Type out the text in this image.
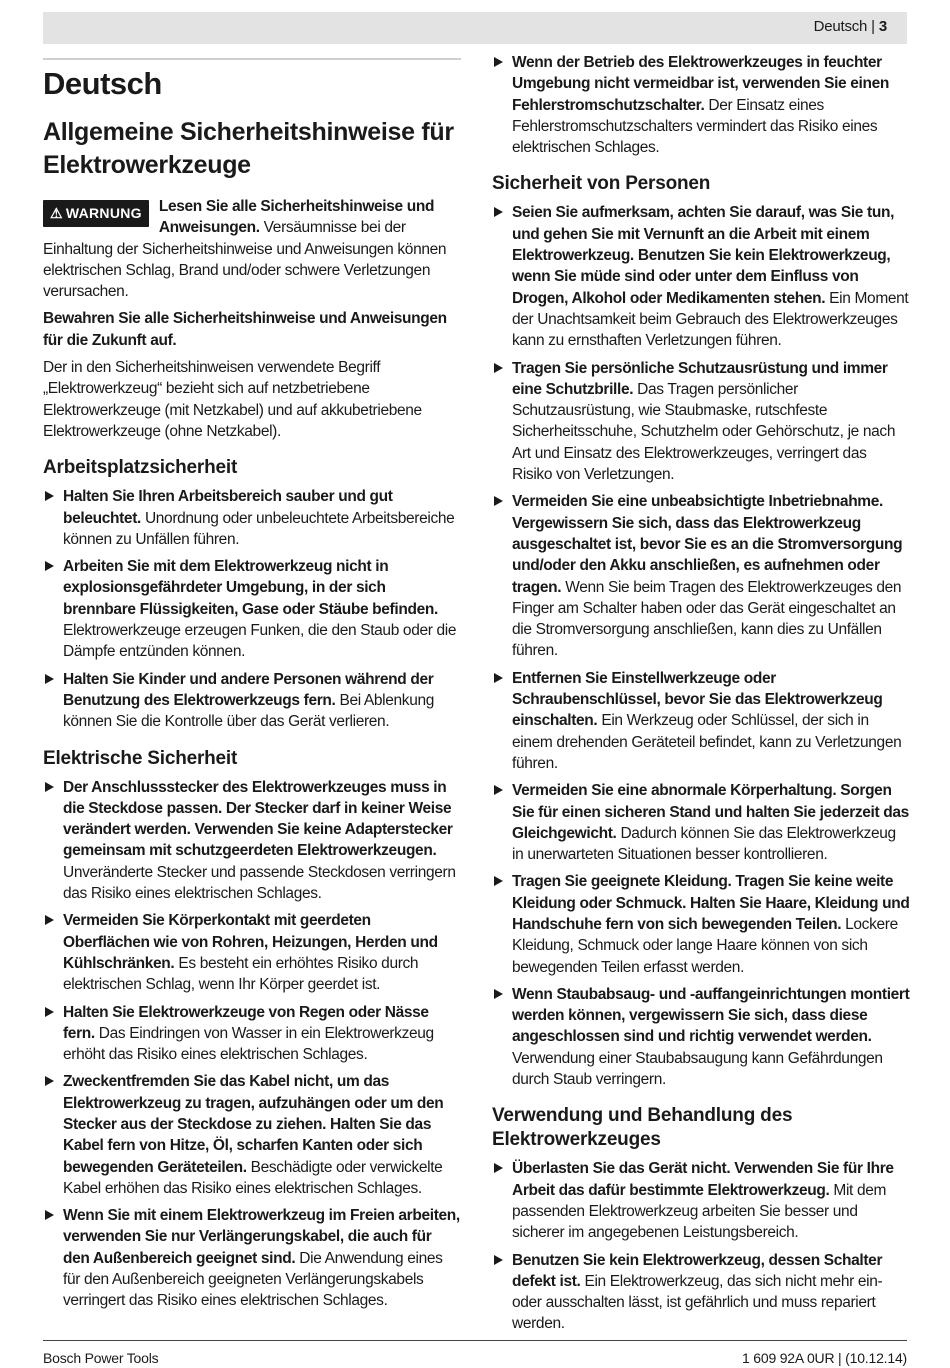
Deutsch | 3
Deutsch
Allgemeine Sicherheitshinweise für Elektrowerkzeuge
⚠ WARNUNG	Lesen Sie alle Sicherheitshinweise und Anweisungen. Versäumnisse bei der Einhaltung der Sicherheitshinweise und Anweisungen können elektrischen Schlag, Brand und/oder schwere Verletzungen verursachen.

Bewahren Sie alle Sicherheitshinweise und Anweisungen für die Zukunft auf.

Der in den Sicherheitshinweisen verwendete Begriff „Elektrowerkzeug“ bezieht sich auf netzbetriebene Elektrowerkzeuge (mit Netzkabel) und auf akkubetriebene Elektrowerkzeuge (ohne Netzkabel).

Arbeitsplatzsicherheit
Halten Sie Ihren Arbeitsbereich sauber und gut beleuchtet. Unordnung oder unbeleuchtete Arbeitsbereiche können zu Unfällen führen.
Arbeiten Sie mit dem Elektrowerkzeug nicht in explosionsgefährdeter Umgebung, in der sich brennbare Flüssigkeiten, Gase oder Stäube befinden. Elektrowerkzeuge erzeugen Funken, die den Staub oder die Dämpfe entzünden können.
Halten Sie Kinder und andere Personen während der Benutzung des Elektrowerkzeugs fern. Bei Ablenkung können Sie die Kontrolle über das Gerät verlieren.
Elektrische Sicherheit
Der Anschlussstecker des Elektrowerkzeuges muss in die Steckdose passen. Der Stecker darf in keiner Weise verändert werden. Verwenden Sie keine Adapterstecker gemeinsam mit schutzgeerdeten Elektrowerkzeugen. Unveränderte Stecker und passende Steckdosen verringern das Risiko eines elektrischen Schlages.
Vermeiden Sie Körperkontakt mit geerdeten Oberflächen wie von Rohren, Heizungen, Herden und Kühlschränken. Es besteht ein erhöhtes Risiko durch elektrischen Schlag, wenn Ihr Körper geerdet ist.
Halten Sie Elektrowerkzeuge von Regen oder Nässe fern. Das Eindringen von Wasser in ein Elektrowerkzeug erhöht das Risiko eines elektrischen Schlages.
Zweckentfremden Sie das Kabel nicht, um das Elektrowerkzeug zu tragen, aufzuhängen oder um den Stecker aus der Steckdose zu ziehen. Halten Sie das Kabel fern von Hitze, Öl, scharfen Kanten oder sich bewegenden Geräteteilen. Beschädigte oder verwickelte Kabel erhöhen das Risiko eines elektrischen Schlages.
Wenn Sie mit einem Elektrowerkzeug im Freien arbeiten, verwenden Sie nur Verlängerungskabel, die auch für den Außenbereich geeignet sind. Die Anwendung eines für den Außenbereich geeigneten Verlängerungskabels verringert das Risiko eines elektrischen Schlages.
Wenn der Betrieb des Elektrowerkzeuges in feuchter Umgebung nicht vermeidbar ist, verwenden Sie einen Fehlerstromschutzschalter. Der Einsatz eines Fehlerstromschutzschalters vermindert das Risiko eines elektrischen Schlages.
Sicherheit von Personen
Seien Sie aufmerksam, achten Sie darauf, was Sie tun, und gehen Sie mit Vernunft an die Arbeit mit einem Elektrowerkzeug. Benutzen Sie kein Elektrowerkzeug, wenn Sie müde sind oder unter dem Einfluss von Drogen, Alkohol oder Medikamenten stehen. Ein Moment der Unachtsamkeit beim Gebrauch des Elektrowerkzeuges kann zu ernsthaften Verletzungen führen.
Tragen Sie persönliche Schutzausrüstung und immer eine Schutzbrille. Das Tragen persönlicher Schutzausrüstung, wie Staubmaske, rutschfeste Sicherheitsschuhe, Schutzhelm oder Gehörschutz, je nach Art und Einsatz des Elektrowerkzeuges, verringert das Risiko von Verletzungen.
Vermeiden Sie eine unbeabsichtigte Inbetriebnahme. Vergewissern Sie sich, dass das Elektrowerkzeug ausgeschaltet ist, bevor Sie es an die Stromversorgung und/oder den Akku anschließen, es aufnehmen oder tragen. Wenn Sie beim Tragen des Elektrowerkzeuges den Finger am Schalter haben oder das Gerät eingeschaltet an die Stromversorgung anschließen, kann dies zu Unfällen führen.
Entfernen Sie Einstellwerkzeuge oder Schraubenschlüssel, bevor Sie das Elektrowerkzeug einschalten. Ein Werkzeug oder Schlüssel, der sich in einem drehenden Geräteteil befindet, kann zu Verletzungen führen.
Vermeiden Sie eine abnormale Körperhaltung. Sorgen Sie für einen sicheren Stand und halten Sie jederzeit das Gleichgewicht. Dadurch können Sie das Elektrowerkzeug in unerwarteten Situationen besser kontrollieren.
Tragen Sie geeignete Kleidung. Tragen Sie keine weite Kleidung oder Schmuck. Halten Sie Haare, Kleidung und Handschuhe fern von sich bewegenden Teilen. Lockere Kleidung, Schmuck oder lange Haare können von sich bewegenden Teilen erfasst werden.
Wenn Staubabsaug- und -auffangeinrichtungen montiert werden können, vergewissern Sie sich, dass diese angeschlossen sind und richtig verwendet werden. Verwendung einer Staubabsaugung kann Gefährdungen durch Staub verringern.
Verwendung und Behandlung des Elektrowerkzeuges
Überlasten Sie das Gerät nicht. Verwenden Sie für Ihre Arbeit das dafür bestimmte Elektrowerkzeug. Mit dem passenden Elektrowerkzeug arbeiten Sie besser und sicherer im angegebenen Leistungsbereich.
Benutzen Sie kein Elektrowerkzeug, dessen Schalter defekt ist. Ein Elektrowerkzeug, das sich nicht mehr ein- oder ausschalten lässt, ist gefährlich und muss repariert werden.
Bosch Power Tools	1 609 92A 0UR | (10.12.14)
